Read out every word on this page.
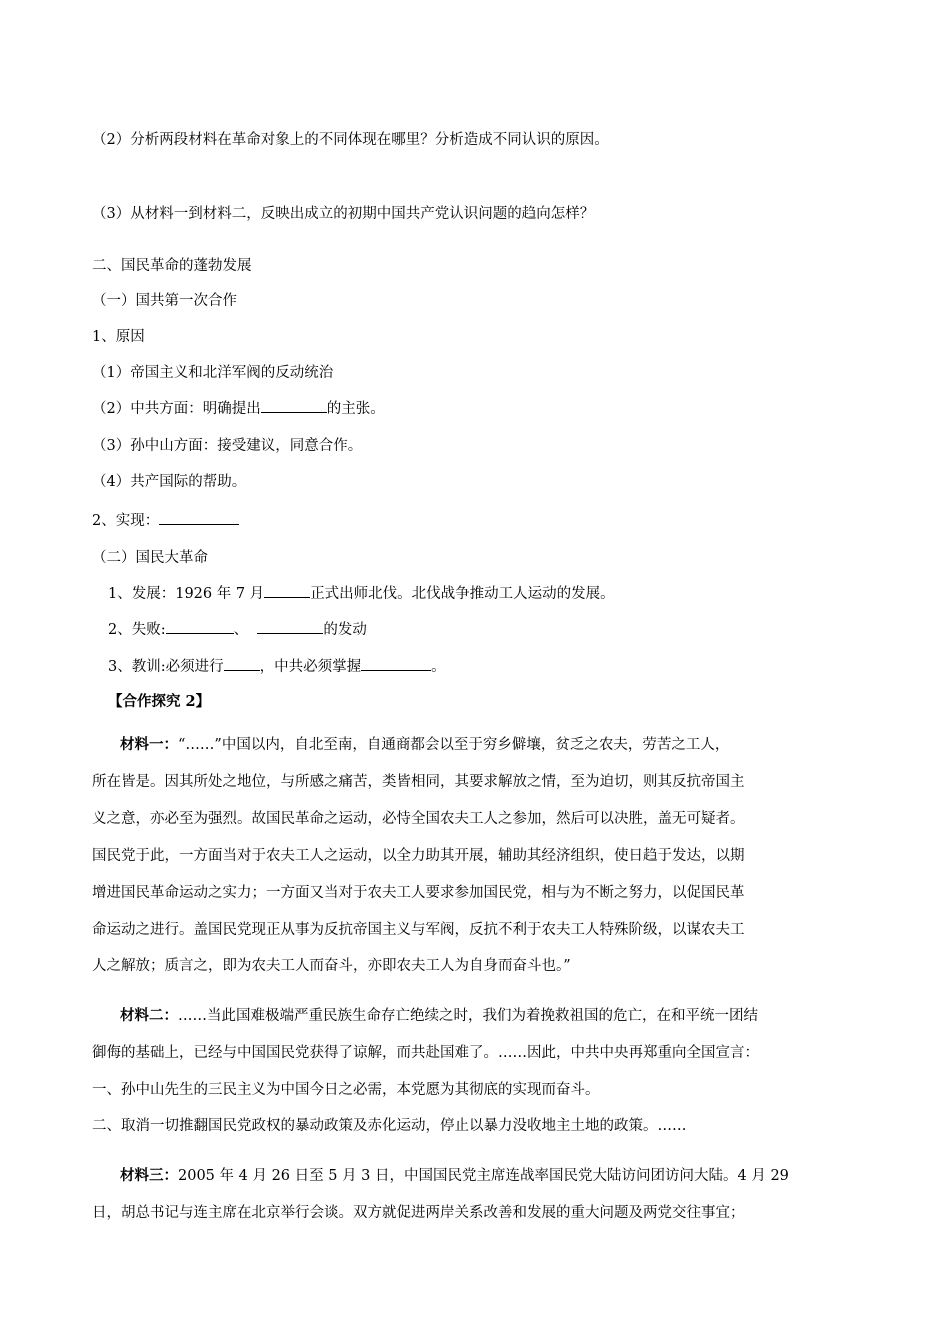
（2）分析两段材料在革命对象上的不同体现在哪里？分析造成不同认识的原因。
（3）从材料一到材料二，反映出成立的初期中国共产党认识问题的趋向怎样？
二、国民革命的蓬勃发展
（一）国共第一次合作
1、原因
（1）帝国主义和北洋军阀的反动统治
（2）中共方面：明确提出	的主张。
（3）孙中山方面：接受建议，同意合作。
（4）共产国际的帮助。
2、实现：
（二）国民大革命
1、发展：1926 年 7 月	正式出师北伐。北伐战争推动工人运动的发展。
2、失败:	、	的发动
3、教训:必须进行 ，中共必须掌握	。
【合作探究 2】
材料一：“……”中国以内，自北至南，自通商都会以至于穷乡僻壤，贫乏之农夫，劳苦之工人，
所在皆是。因其所处之地位，与所感之痛苦，类皆相同，其要求解放之情，至为迫切，则其反抗帝国主
义之意，亦必至为强烈。故国民革命之运动，必恃全国农夫工人之参加，然后可以决胜，盖无可疑者。
国民党于此，一方面当对于农夫工人之运动，以全力助其开展，辅助其经济组织，使日趋于发达，以期
增进国民革命运动之实力；一方面又当对于农夫工人要求参加国民党，相与为不断之努力，以促国民革
命运动之进行。盖国民党现正从事为反抗帝国主义与军阀，反抗不利于农夫工人特殊阶级，以谋农夫工
人之解放；质言之，即为农夫工人而奋斗，亦即农夫工人为自身而奋斗也。”
材料二：……当此国难极端严重民族生命存亡绝续之时，我们为着挽救祖国的危亡，在和平统一团结
御侮的基础上，已经与中国国民党获得了谅解，而共赴国难了。……因此，中共中央再郑重向全国宣言：
一、孙中山先生的三民主义为中国今日之必需，本党愿为其彻底的实现而奋斗。
二、取消一切推翻国民党政权的暴动政策及赤化运动，停止以暴力没收地主土地的政策。……
材料三：2005 年 4 月 26 日至 5 月 3 日，中国国民党主席连战率国民党大陆访问团访问大陆。4 月 29
日，胡总书记与连主席在北京举行会谈。双方就促进两岸关系改善和发展的重大问题及两党交往事宜；
